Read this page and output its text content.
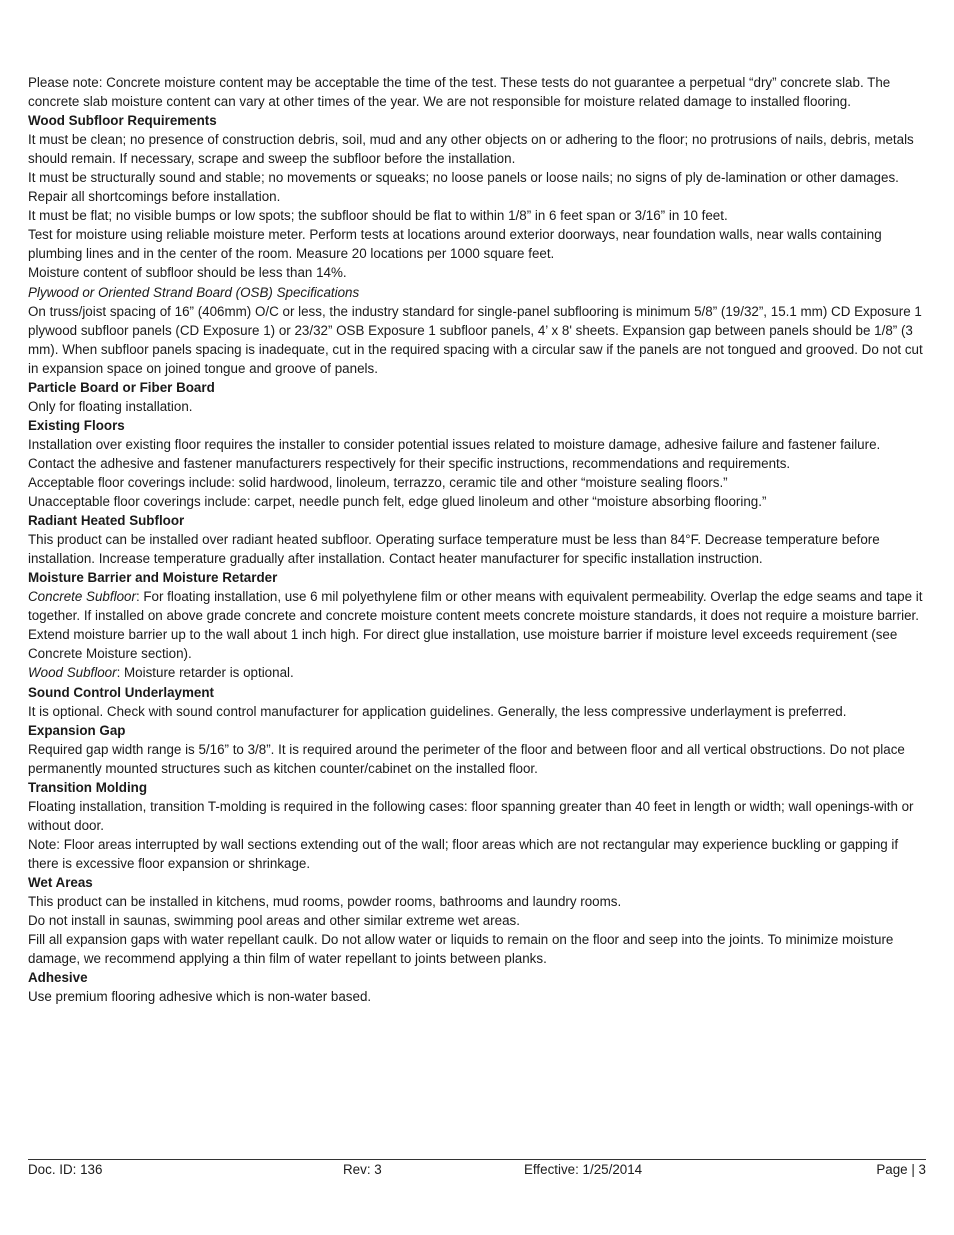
Please note: Concrete moisture content may be acceptable the time of the test. These tests do not guarantee a perpetual “dry” concrete slab. The concrete slab moisture content can vary at other times of the year. We are not responsible for moisture related damage to installed flooring.

Wood Subfloor Requirements

It must be clean; no presence of construction debris, soil, mud and any other objects on or adhering to the floor; no protrusions of nails, debris, metals should remain. If necessary, scrape and sweep the subfloor before the installation.

It must be structurally sound and stable; no movements or squeaks; no loose panels or loose nails; no signs of ply de-lamination or other damages. Repair all shortcomings before installation.

It must be flat; no visible bumps or low spots; the subfloor should be flat to within 1/8” in 6 feet span or 3/16” in 10 feet.

Test for moisture using reliable moisture meter. Perform tests at locations around exterior doorways, near foundation walls, near walls containing plumbing lines and in the center of the room. Measure 20 locations per 1000 square feet.

Moisture content of subfloor should be less than 14%.

Plywood or Oriented Strand Board (OSB) Specifications

On truss/joist spacing of 16” (406mm) O/C or less, the industry standard for single-panel subflooring is minimum 5/8” (19/32”, 15.1 mm) CD Exposure 1 plywood subfloor panels (CD Exposure 1) or 23/32” OSB Exposure 1 subfloor panels, 4’ x 8' sheets. Expansion gap between panels should be 1/8” (3 mm). When subfloor panels spacing is inadequate, cut in the required spacing with a circular saw if the panels are not tongued and grooved. Do not cut in expansion space on joined tongue and groove of panels.

Particle Board or Fiber Board

Only for floating installation.

Existing Floors

Installation over existing floor requires the installer to consider potential issues related to moisture damage, adhesive failure and fastener failure. Contact the adhesive and fastener manufacturers respectively for their specific instructions, recommendations and requirements.

Acceptable floor coverings include: solid hardwood, linoleum, terrazzo, ceramic tile and other “moisture sealing floors.”

Unacceptable floor coverings include: carpet, needle punch felt, edge glued linoleum and other “moisture absorbing flooring.”

Radiant Heated Subfloor

This product can be installed over radiant heated subfloor. Operating surface temperature must be less than 84°F. Decrease temperature before installation. Increase temperature gradually after installation. Contact heater manufacturer for specific installation instruction.

Moisture Barrier and Moisture Retarder

Concrete Subfloor: For floating installation, use 6 mil polyethylene film or other means with equivalent permeability. Overlap the edge seams and tape it together. If installed on above grade concrete and concrete moisture content meets concrete moisture standards, it does not require a moisture barrier. Extend moisture barrier up to the wall about 1 inch high. For direct glue installation, use moisture barrier if moisture level exceeds requirement (see Concrete Moisture section).

Wood Subfloor: Moisture retarder is optional.

Sound Control Underlayment

It is optional. Check with sound control manufacturer for application guidelines. Generally, the less compressive underlayment is preferred.

Expansion Gap

Required gap width range is 5/16” to 3/8”. It is required around the perimeter of the floor and between floor and all vertical obstructions. Do not place permanently mounted structures such as kitchen counter/cabinet on the installed floor.

Transition Molding

Floating installation, transition T-molding is required in the following cases: floor spanning greater than 40 feet in length or width; wall openings-with or without door.

Note: Floor areas interrupted by wall sections extending out of the wall; floor areas which are not rectangular may experience buckling or gapping if there is excessive floor expansion or shrinkage.

Wet Areas

This product can be installed in kitchens, mud rooms, powder rooms, bathrooms and laundry rooms.

Do not install in saunas, swimming pool areas and other similar extreme wet areas.

Fill all expansion gaps with water repellant caulk. Do not allow water or liquids to remain on the floor and seep into the joints. To minimize moisture damage, we recommend applying a thin film of water repellant to joints between planks.

Adhesive

Use premium flooring adhesive which is non-water based.

Doc. ID: 136	Rev: 3	Effective: 1/25/2014	Page | 3
